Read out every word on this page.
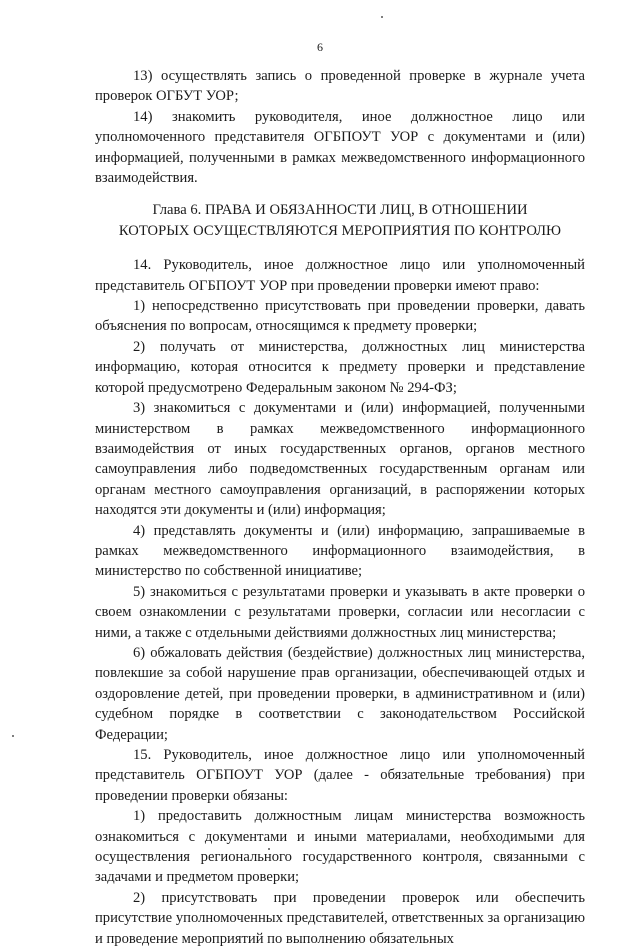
6

13) осуществлять запись о проведенной проверке в журнале учета проверок ОГБУТ УОР;

14) знакомить руководителя, иное должностное лицо или уполномоченного представителя ОГБПОУТ УОР с документами и (или) информацией, полученными в рамках межведомственного информационного взаимодействия.

Глава 6. ПРАВА И ОБЯЗАННОСТИ ЛИЦ, В ОТНОШЕНИИ
КОТОРЫХ ОСУЩЕСТВЛЯЮТСЯ МЕРОПРИЯТИЯ ПО КОНТРОЛЮ

14. Руководитель, иное должностное лицо или уполномоченный представитель ОГБПОУТ УОР при проведении проверки имеют право:

1) непосредственно присутствовать при проведении проверки, давать объяснения по вопросам, относящимся к предмету проверки;

2) получать от министерства, должностных лиц министерства информацию, которая относится к предмету проверки и представление которой предусмотрено Федеральным законом № 294-ФЗ;

3) знакомиться с документами и (или) информацией, полученными министерством в рамках межведомственного информационного взаимодействия от иных государственных органов, органов местного самоуправления либо подведомственных государственным органам или органам местного самоуправления организаций, в распоряжении которых находятся эти документы и (или) информация;

4) представлять документы и (или) информацию, запрашиваемые в рамках межведомственного информационного взаимодействия, в министерство по собственной инициативе;

5) знакомиться с результатами проверки и указывать в акте проверки о своем ознакомлении с результатами проверки, согласии или несогласии с ними, а также с отдельными действиями должностных лиц министерства;

6) обжаловать действия (бездействие) должностных лиц министерства, повлекшие за собой нарушение прав организации, обеспечивающей отдых и оздоровление детей, при проведении проверки, в административном и (или) судебном порядке в соответствии с законодательством Российской Федерации;

15. Руководитель, иное должностное лицо или уполномоченный представитель ОГБПОУТ УОР (далее - обязательные требования) при проведении проверки обязаны:

1) предоставить должностным лицам министерства возможность ознакомиться с документами и иными материалами, необходимыми для осуществления регионального государственного контроля, связанными с задачами и предметом проверки;

2) присутствовать при проведении проверок или обеспечить присутствие уполномоченных представителей, ответственных за организацию и проведение мероприятий по выполнению обязательных
